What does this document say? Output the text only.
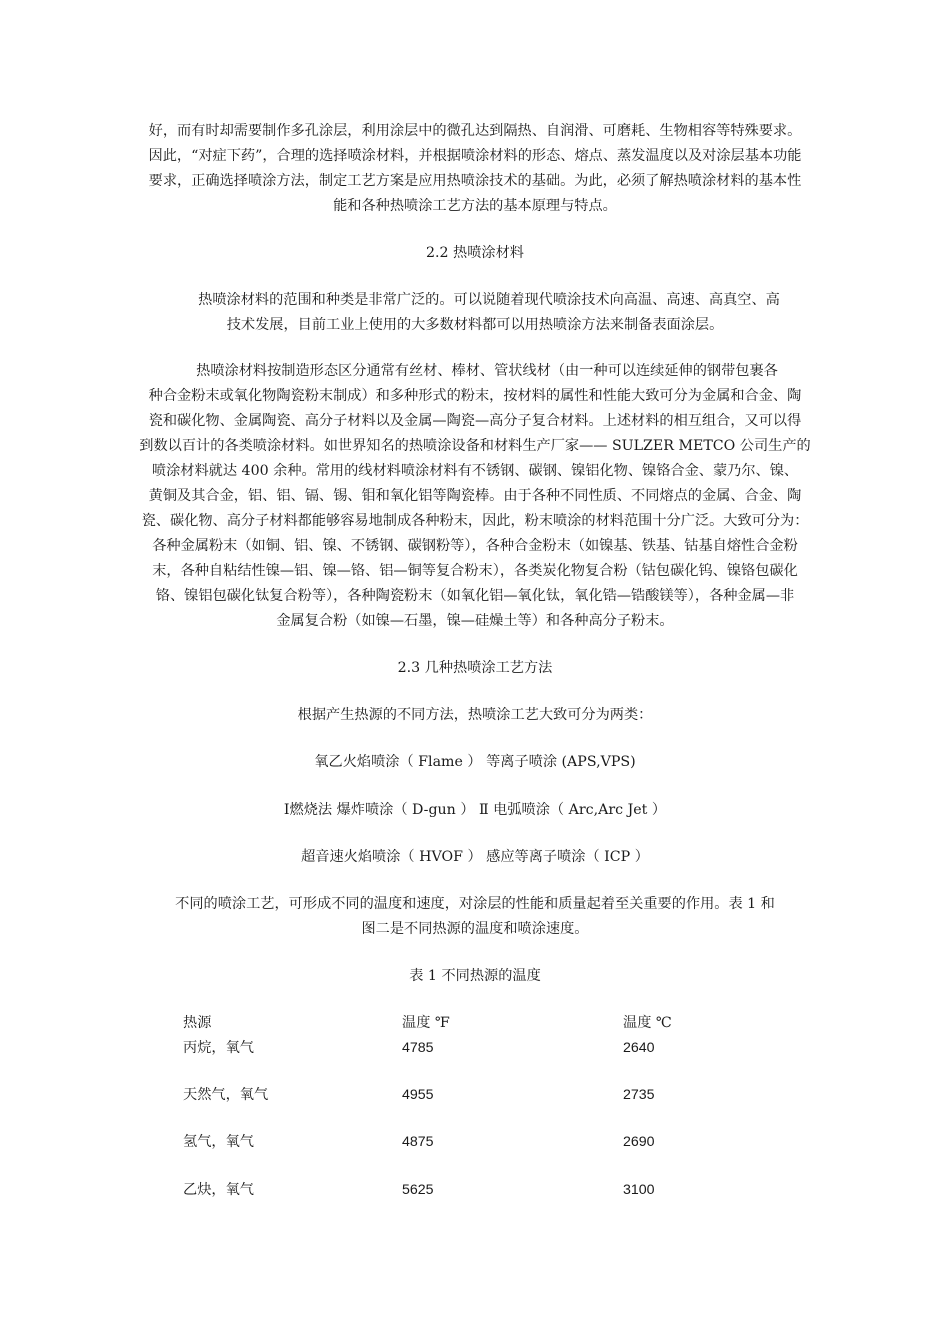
好，而有时却需要制作多孔涂层，利用涂层中的微孔达到隔热、自润滑、可磨耗、生物相容等特殊要求。
因此，“对症下药”，合理的选择喷涂材料，并根据喷涂材料的形态、熔点、蒸发温度以及对涂层基本功能
要求，正确选择喷涂方法，制定工艺方案是应用热喷涂技术的基础。为此，必须了解热喷涂材料的基本性
能和各种热喷涂工艺方法的基本原理与特点。
2.2 热喷涂材料
热喷涂材料的范围和种类是非常广泛的。可以说随着现代喷涂技术向高温、高速、高真空、高
技术发展，目前工业上使用的大多数材料都可以用热喷涂方法来制备表面涂层。
热喷涂材料按制造形态区分通常有丝材、棒材、管状线材（由一种可以连续延伸的钢带包裹各
种合金粉末或氧化物陶瓷粉末制成）和多种形式的粉末，按材料的属性和性能大致可分为金属和合金、陶
瓷和碳化物、金属陶瓷、高分子材料以及金属—陶瓷—高分子复合材料。上述材料的相互组合，又可以得
到数以百计的各类喷涂材料。如世界知名的热喷涂设备和材料生产厂家—— SULZER METCO 公司生产的
喷涂材料就达 400 余种。常用的线材料喷涂材料有不锈钢、碳钢、镍铝化物、镍铬合金、蒙乃尔、镍、
黄铜及其合金，铝、铝、镉、锡、钼和氧化铝等陶瓷棒。由于各种不同性质、不同熔点的金属、合金、陶
瓷、碳化物、高分子材料都能够容易地制成各种粉末，因此，粉末喷涂的材料范围十分广泛。大致可分为：
各种金属粉末（如铜、铝、镍、不锈钢、碳钢粉等），各种合金粉末（如镍基、铁基、钴基自熔性合金粉
末，各种自粘结性镍—铝、镍—铬、铝—铜等复合粉末），各类炭化物复合粉（钴包碳化钨、镍铬包碳化
铬、镍铝包碳化钛复合粉等），各种陶瓷粉末（如氧化铝—氧化钛，氧化锆—锆酸镁等），各种金属—非
金属复合粉（如镍—石墨，镍—硅燥土等）和各种高分子粉末。
2.3 几种热喷涂工艺方法
根据产生热源的不同方法，热喷涂工艺大致可分为两类：
氧乙火焰喷涂（ Flame ） 等离子喷涂 (APS,VPS)
Ⅰ燃烧法 爆炸喷涂（ D-gun ） Ⅱ 电弧喷涂（ Arc,Arc Jet ）
超音速火焰喷涂（ HVOF ） 感应等离子喷涂（ ICP ）
不同的喷涂工艺，可形成不同的温度和速度，对涂层的性能和质量起着至关重要的作用。表 1 和
图二是不同热源的温度和喷涂速度。
表 1 不同热源的温度
热源	温度 ℉	温度 ℃
丙烷，氧气	4785	2640
天然气，氧气	4955	2735
氢气，氧气	4875	2690
乙炔，氧气	5625	3100
